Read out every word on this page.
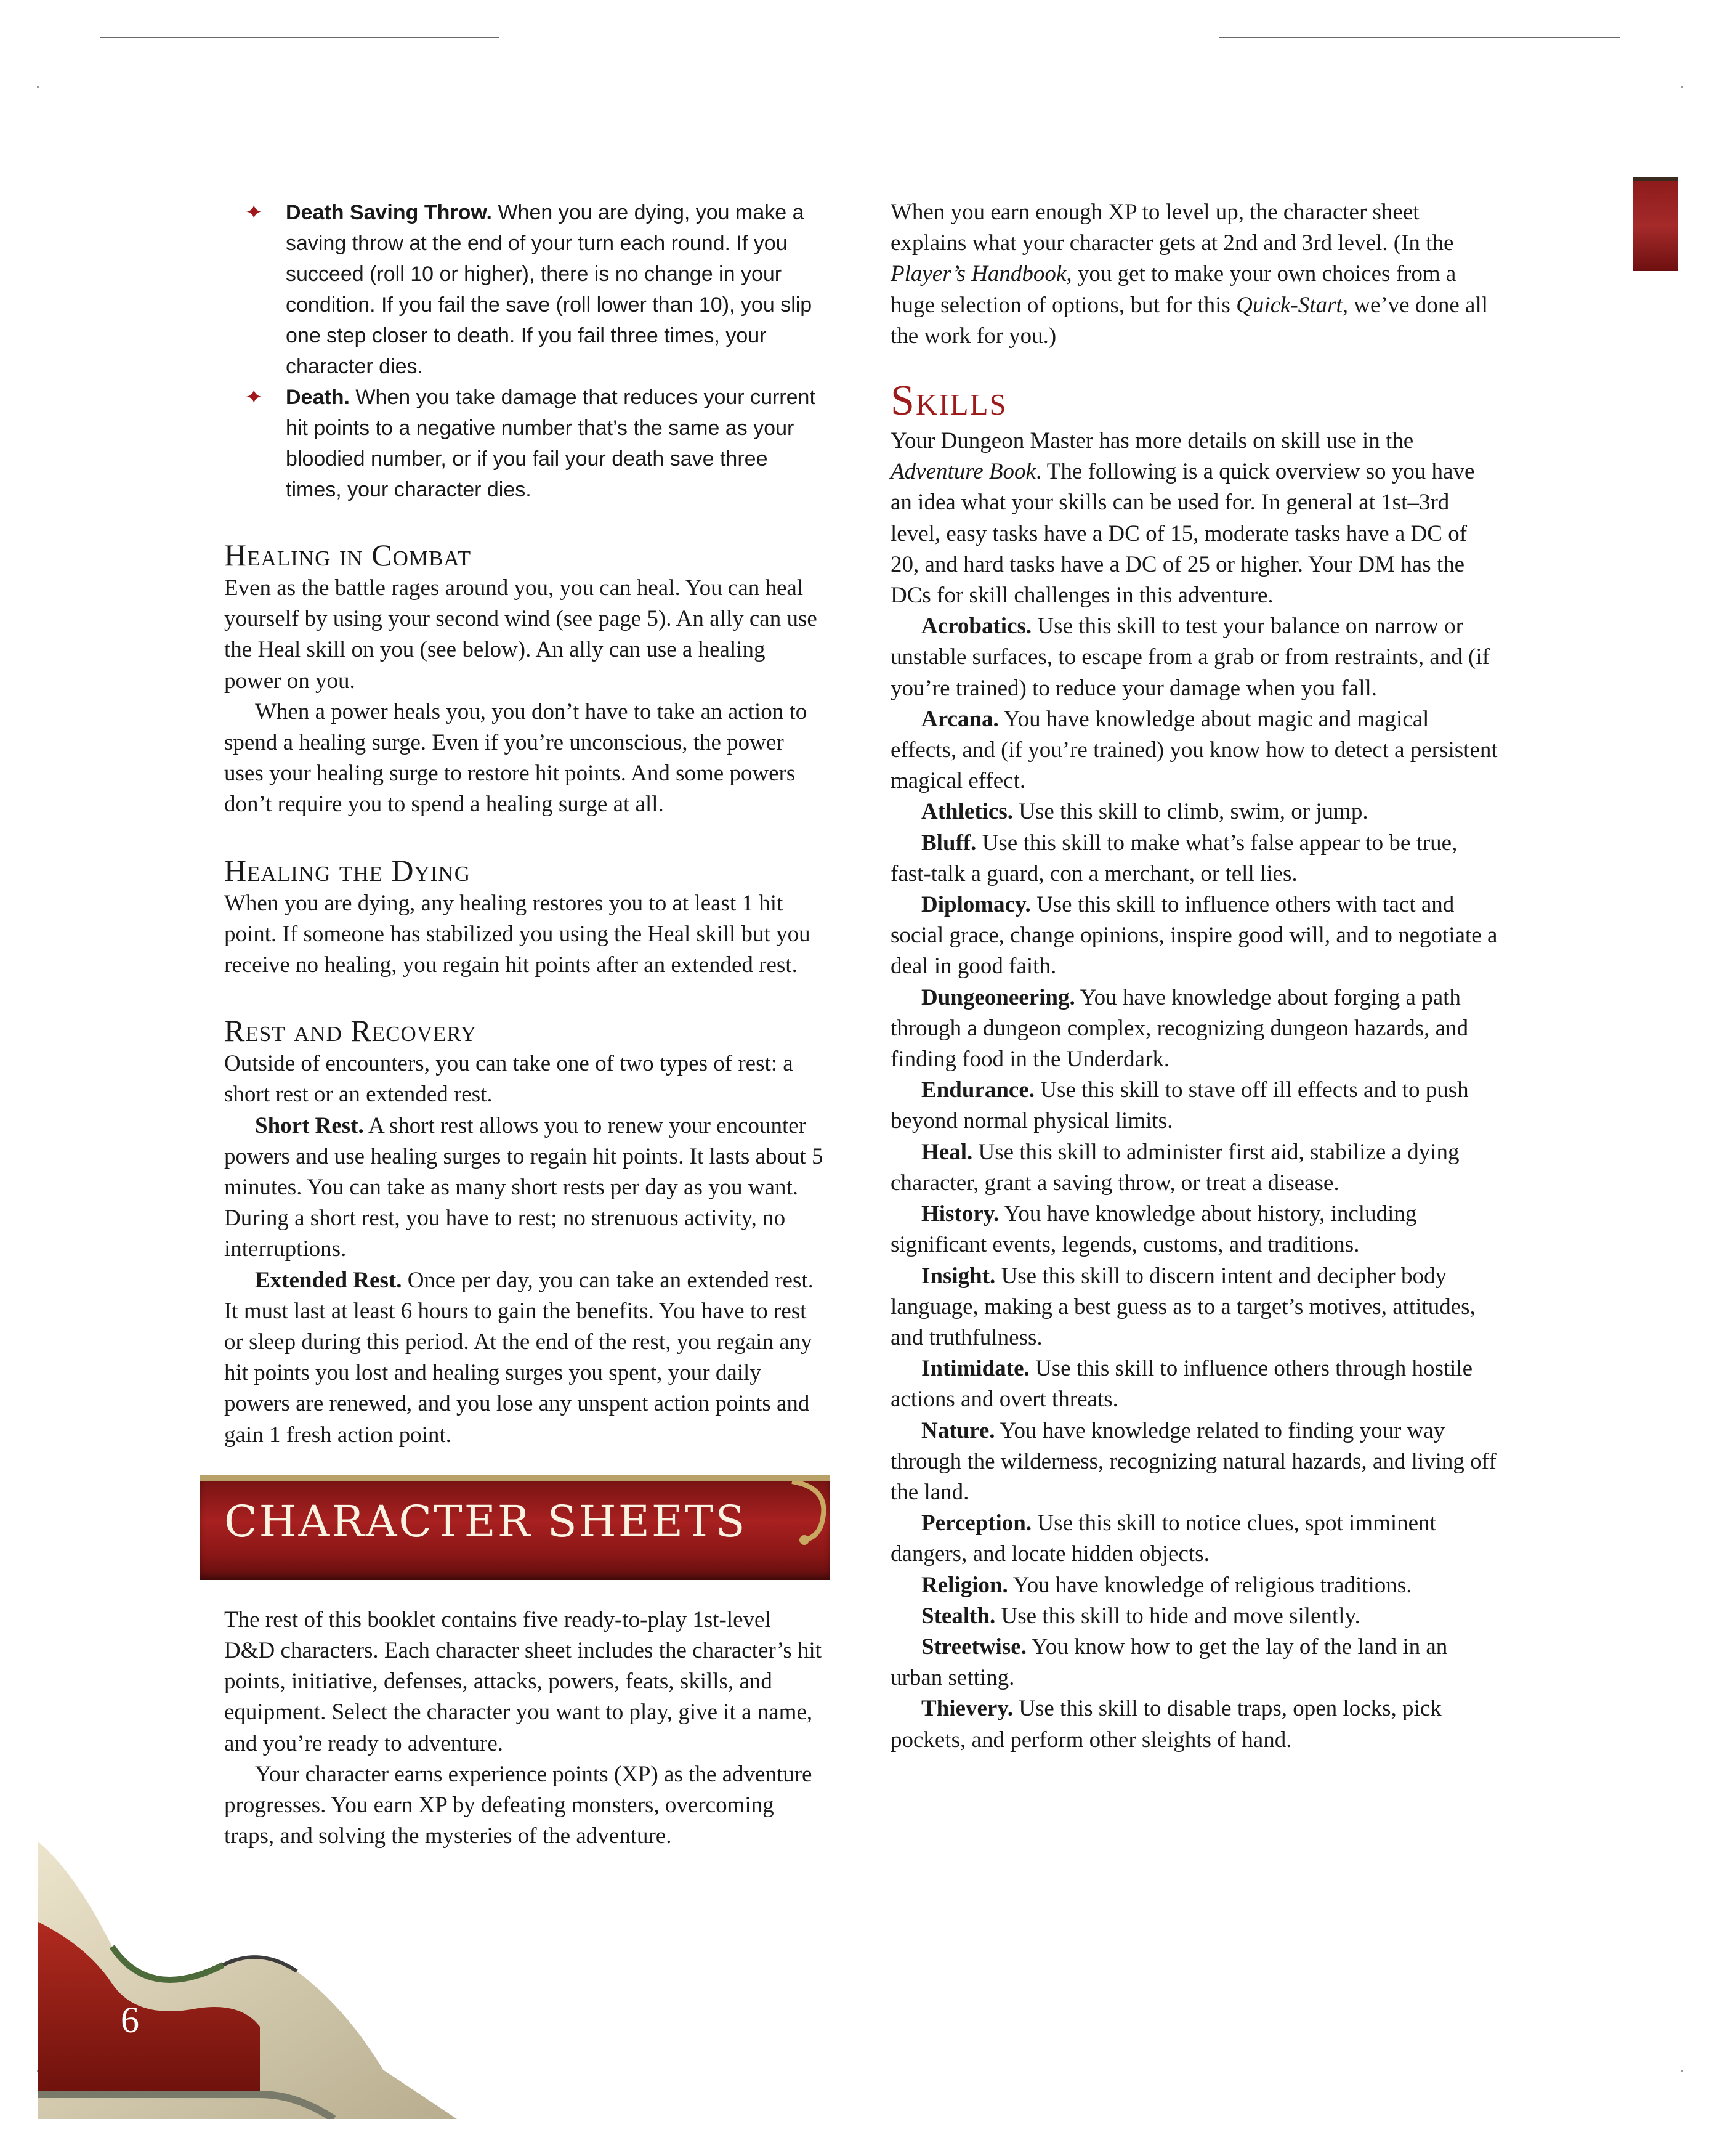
✦ Death Saving Throw. When you are dying, you make a saving throw at the end of your turn each round. If you succeed (roll 10 or higher), there is no change in your condition. If you fail the save (roll lower than 10), you slip one step closer to death. If you fail three times, your character dies.
✦ Death. When you take damage that reduces your current hit points to a negative number that’s the same as your bloodied number, or if you fail your death save three times, your character dies.
Healing in Combat

Even as the battle rages around you, you can heal. You can heal yourself by using your second wind (see page 5). An ally can use the Heal skill on you (see below). An ally can use a healing power on you.

When a power heals you, you don’t have to take an action to spend a healing surge. Even if you’re unconscious, the power uses your healing surge to restore hit points. And some powers don’t require you to spend a healing surge at all.

Healing the Dying

When you are dying, any healing restores you to at least 1 hit point. If someone has stabilized you using the Heal skill but you receive no healing, you regain hit points after an extended rest.

Rest and Recovery

Outside of encounters, you can take one of two types of rest: a short rest or an extended rest.

Short Rest. A short rest allows you to renew your encounter powers and use healing surges to regain hit points. It lasts about 5 minutes. You can take as many short rests per day as you want. During a short rest, you have to rest; no strenuous activity, no interruptions.

Extended Rest. Once per day, you can take an extended rest. It must last at least 6 hours to gain the benefits. You have to rest or sleep during this period. At the end of the rest, you regain any hit points you lost and healing surges you spent, your daily powers are renewed, and you lose any unspent action points and gain 1 fresh action point.

CHARACTER SHEETS

The rest of this booklet contains five ready-to-play 1st-level D&D characters. Each character sheet includes the character’s hit points, initiative, defenses, attacks, powers, feats, skills, and equipment. Select the character you want to play, give it a name, and you’re ready to adventure.

Your character earns experience points (XP) as the adventure progresses. You earn XP by defeating monsters, overcoming traps, and solving the mysteries of the adventure.

When you earn enough XP to level up, the character sheet explains what your character gets at 2nd and 3rd level. (In the Player’s Handbook, you get to make your own choices from a huge selection of options, but for this Quick-Start, we’ve done all the work for you.)

Skills

Your Dungeon Master has more details on skill use in the Adventure Book. The following is a quick overview so you have an idea what your skills can be used for. In general at 1st–3rd level, easy tasks have a DC of 15, moderate tasks have a DC of 20, and hard tasks have a DC of 25 or higher. Your DM has the DCs for skill challenges in this adventure.

Acrobatics. Use this skill to test your balance on narrow or unstable surfaces, to escape from a grab or from restraints, and (if you’re trained) to reduce your damage when you fall.

Arcana. You have knowledge about magic and magical effects, and (if you’re trained) you know how to detect a persistent magical effect.

Athletics. Use this skill to climb, swim, or jump.

Bluff. Use this skill to make what’s false appear to be true, fast-talk a guard, con a merchant, or tell lies.

Diplomacy. Use this skill to influence others with tact and social grace, change opinions, inspire good will, and to negotiate a deal in good faith.

Dungeoneering. You have knowledge about forging a path through a dungeon complex, recognizing dungeon hazards, and finding food in the Underdark.

Endurance. Use this skill to stave off ill effects and to push beyond normal physical limits.

Heal. Use this skill to administer first aid, stabilize a dying character, grant a saving throw, or treat a disease.

History. You have knowledge about history, including significant events, legends, customs, and traditions.

Insight. Use this skill to discern intent and decipher body language, making a best guess as to a target’s motives, attitudes, and truthfulness.

Intimidate. Use this skill to influence others through hostile actions and overt threats.

Nature. You have knowledge related to finding your way through the wilderness, recognizing natural hazards, and living off the land.

Perception. Use this skill to notice clues, spot imminent dangers, and locate hidden objects.

Religion. You have knowledge of religious traditions.

Stealth. Use this skill to hide and move silently.

Streetwise. You know how to get the lay of the land in an urban setting.

Thievery. Use this skill to disable traps, open locks, pick pockets, and perform other sleights of hand.

6
